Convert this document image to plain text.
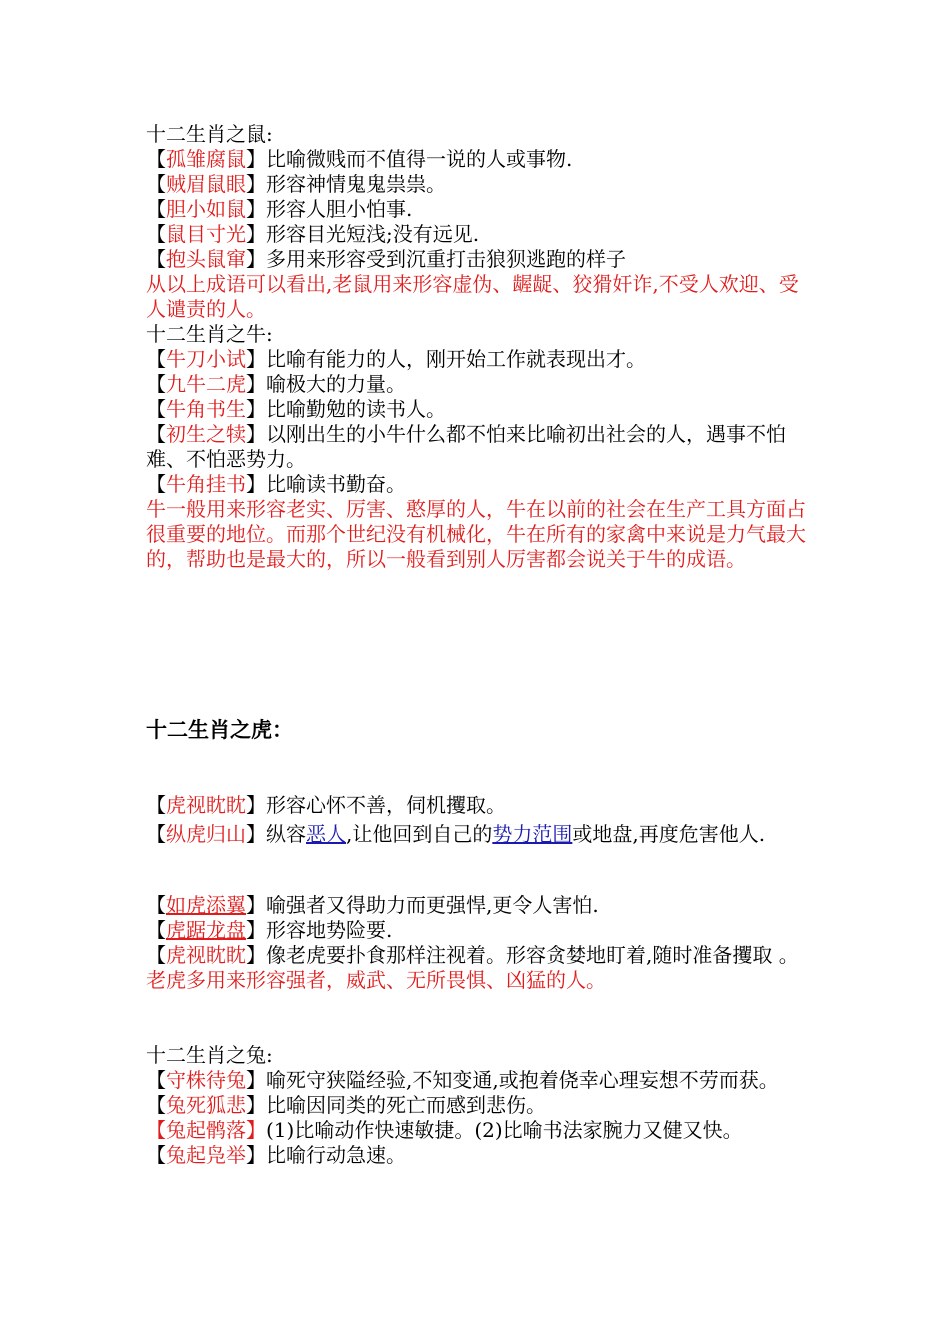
十二生肖之鼠:

【孤雏腐鼠】比喻微贱而不值得一说的人或事物.

【贼眉鼠眼】形容神情鬼鬼祟祟。

【胆小如鼠】形容人胆小怕事.

【鼠目寸光】形容目光短浅;没有远见.

【抱头鼠窜】多用来形容受到沉重打击狼狈逃跑的样子

从以上成语可以看出,老鼠用来形容虚伪、龌龊、狡猾奸诈,不受人欢迎、受人谴责的人。

十二生肖之牛:

【牛刀小试】比喻有能力的人，刚开始工作就表现出才。

【九牛二虎】喻极大的力量。

【牛角书生】比喻勤勉的读书人。

【初生之犊】以刚出生的小牛什么都不怕来比喻初出社会的人，遇事不怕难、不怕恶势力。

【牛角挂书】比喻读书勤奋。

牛一般用来形容老实、厉害、憨厚的人，牛在以前的社会在生产工具方面占很重要的地位。而那个世纪没有机械化，牛在所有的家禽中来说是力气最大的，帮助也是最大的，所以一般看到别人厉害都会说关于牛的成语。

十二生肖之虎：

【虎视眈眈】形容心怀不善，伺机攫取。

【纵虎归山】纵容恶人,让他回到自己的势力范围或地盘,再度危害他人.

【如虎添翼】喻强者又得助力而更强悍,更令人害怕.

【虎踞龙盘】形容地势险要.

【虎视眈眈】像老虎要扑食那样注视着。形容贪婪地盯着,随时准备攫取 。

老虎多用来形容强者，威武、无所畏惧、凶猛的人。

十二生肖之兔:

【守株待兔】喻死守狭隘经验,不知变通,或抱着侥幸心理妄想不劳而获。

【兔死狐悲】比喻因同类的死亡而感到悲伤。

【兔起鹘落】(1)比喻动作快速敏捷。(2)比喻书法家腕力又健又快。

【兔起凫举】比喻行动急速。
